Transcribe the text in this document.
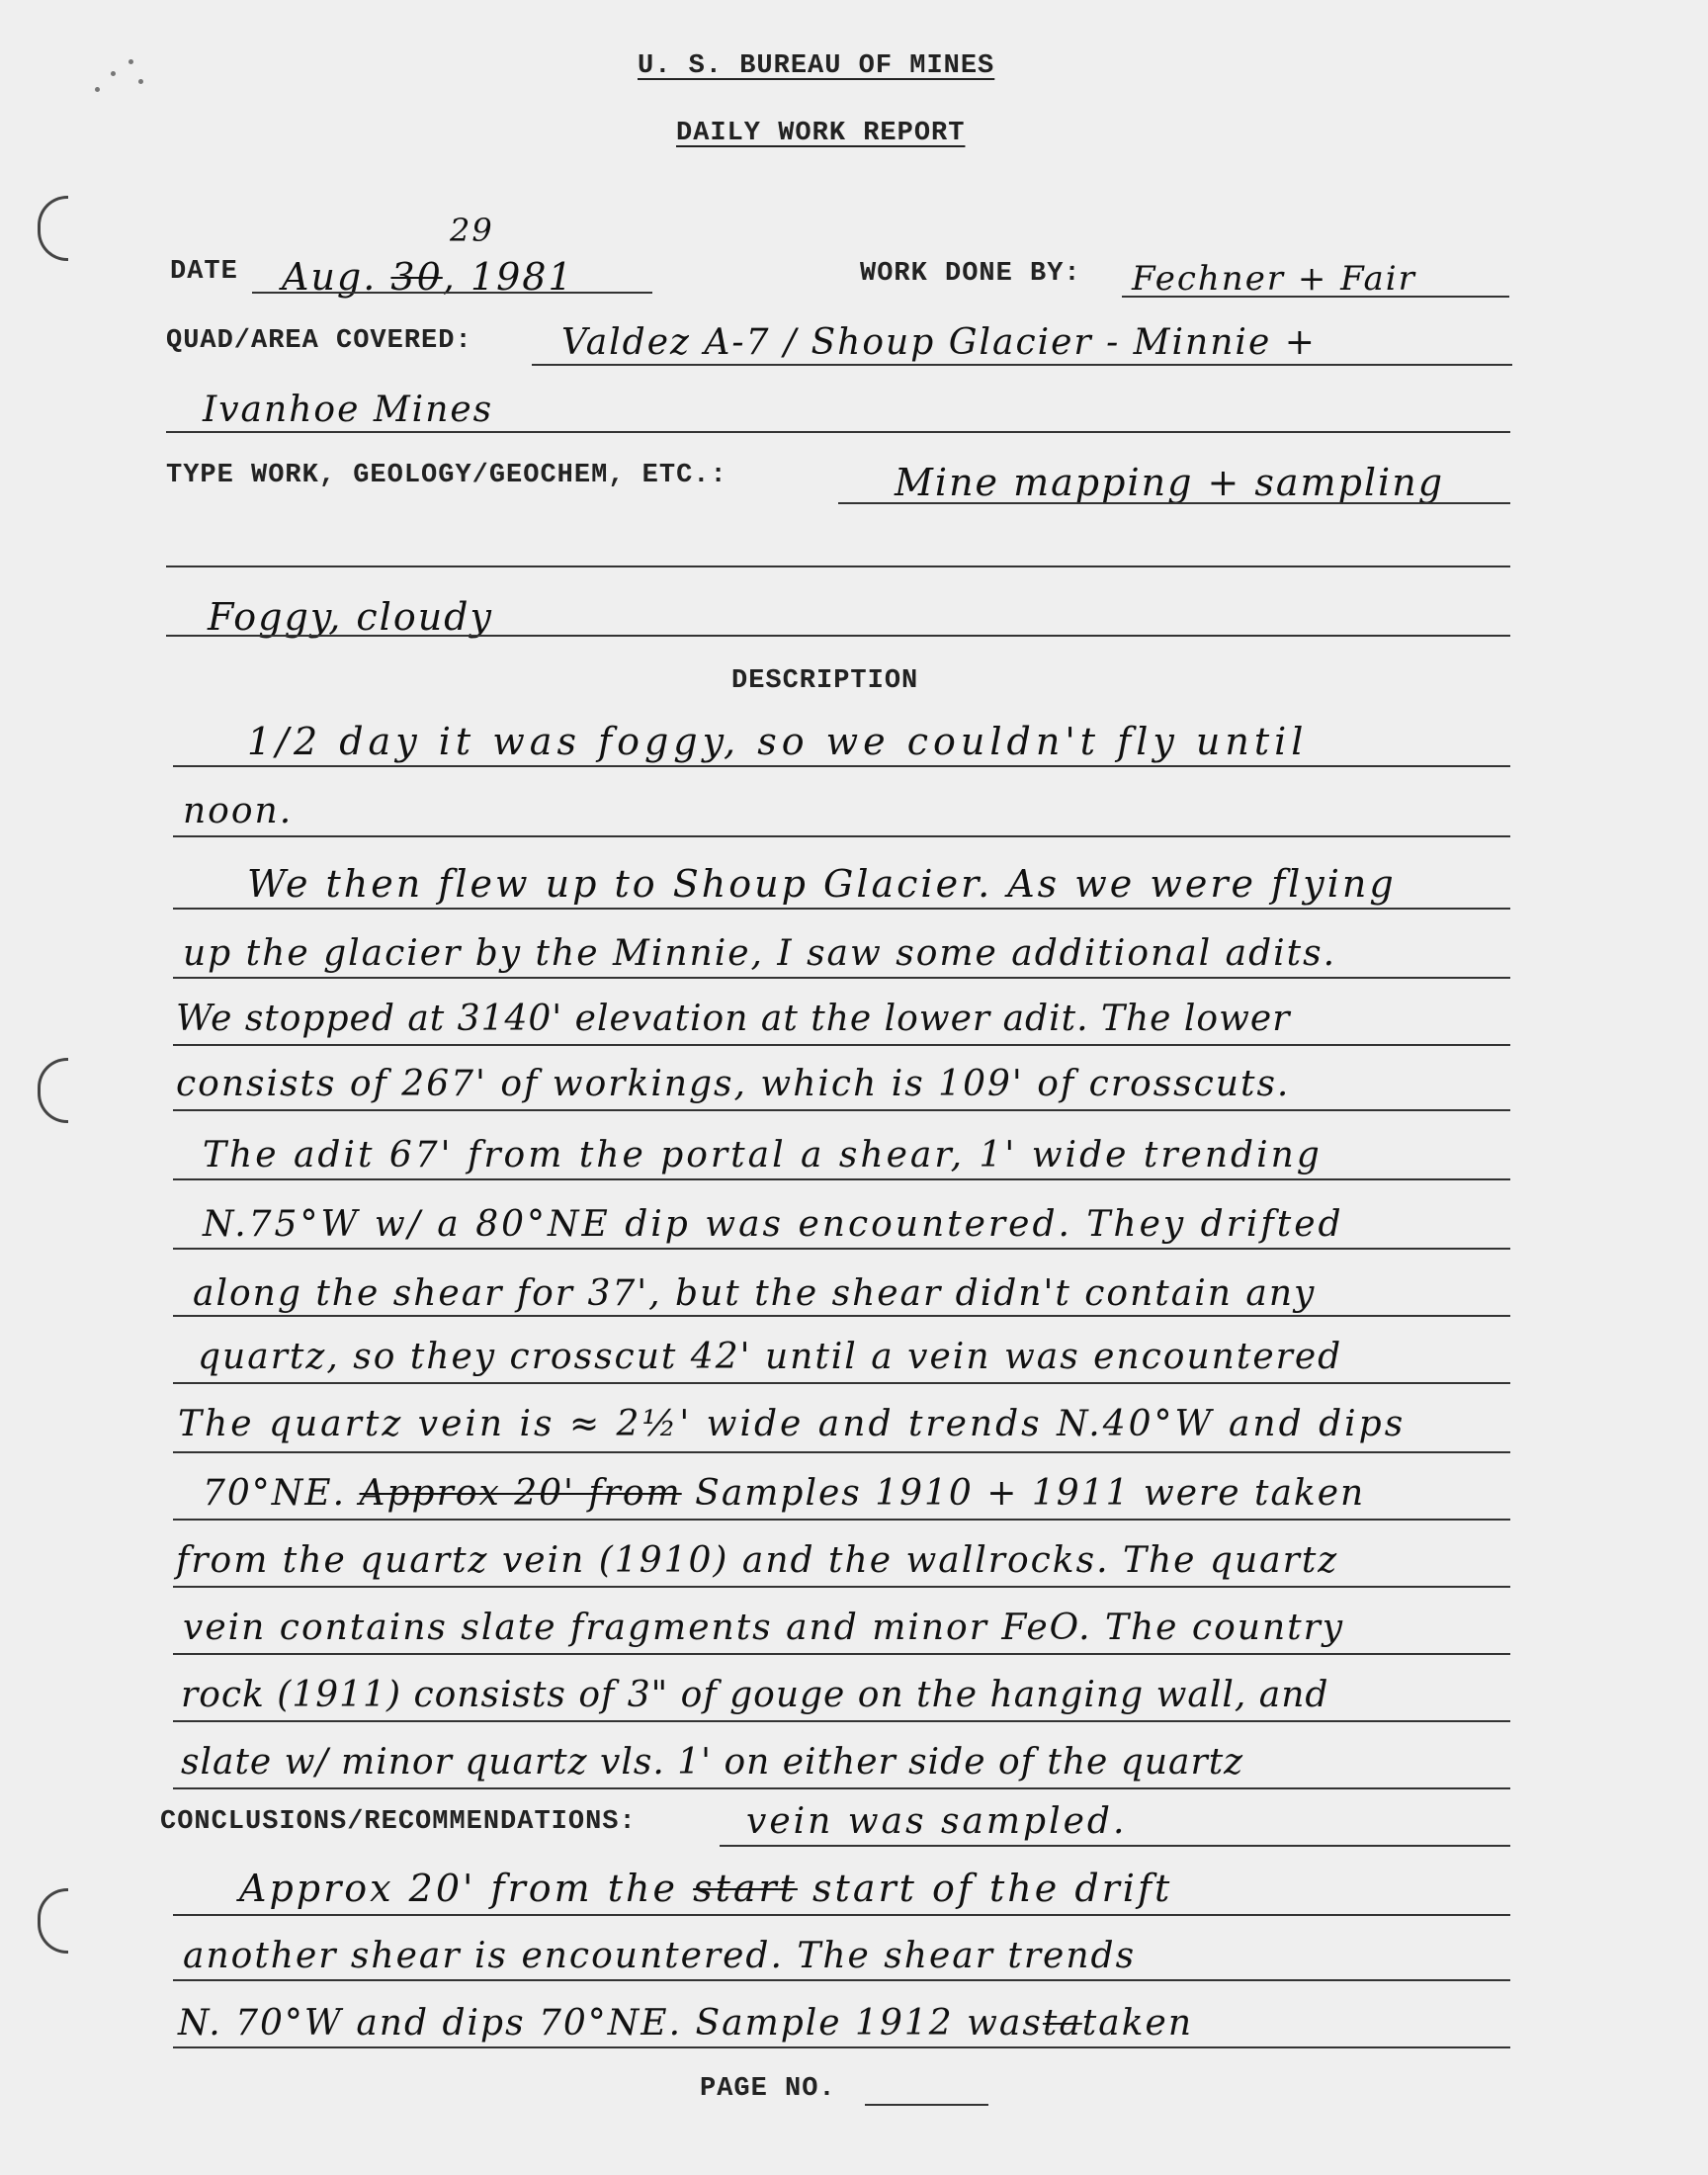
U. S. BUREAU OF MINES
DAILY WORK REPORT
DATE
29
Aug. 30, 1981	WORK DONE BY: Fechner + Fair
QUAD/AREA COVERED:	Valdez A-7 / Shoup Glacier - Minnie +
Ivanhoe Mines
TYPE WORK, GEOLOGY/GEOCHEM, ETC.:	Mine mapping + sampling
Foggy, cloudy
DESCRIPTION
1/2 day it was foggy, so we couldn't fly until
noon.
We then flew up to Shoup Glacier. As we were flying
up the glacier by the Minnie, I saw some additional adits.
We stopped at 3140' elevation at the lower adit. The lower
consists of 267' of workings, which is 109' of crosscuts.
The adit 67' from the portal a shear, 1' wide trending
N.75°W w/ a 80°NE dip was encountered. They drifted
along the shear for 37', but the shear didn't contain any
quartz, so they crosscut 42' until a vein was encountered
The quartz vein is ≈ 2½' wide and trends N.40°W and dips
70°NE. Approx 20' from Samples 1910 + 1911 were taken
from the quartz vein (1910) and the wallrocks. The quartz
vein contains slate fragments and minor FeO. The country
rock (1911) consists of 3" of gouge on the hanging wall, and
slate w/ minor quartz vls. 1' on either side of the quartz
CONCLUSIONS/RECOMMENDATIONS:	vein was sampled.
Approx 20' from the start start of the drift
another shear is encountered. The shear trends
N. 70°W and dips 70°NE. Sample 1912 wastataken
PAGE NO.
